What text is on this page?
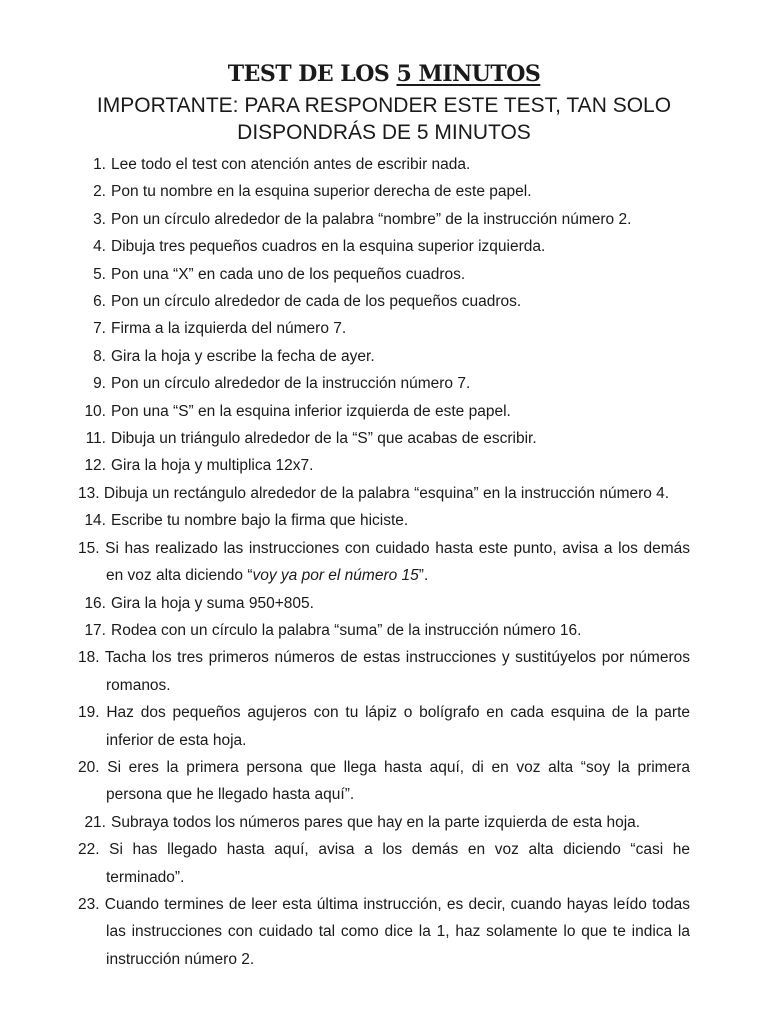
TEST DE LOS 5 MINUTOS
IMPORTANTE: PARA RESPONDER ESTE TEST, TAN SOLO
DISPONDRÁS DE 5 MINUTOS
1. Lee todo el test con atención antes de escribir nada.
2. Pon tu nombre en la esquina superior derecha de este papel.
3. Pon un círculo alrededor de la palabra “nombre” de la instrucción número 2.
4. Dibuja tres pequeños cuadros en la esquina superior izquierda.
5. Pon una “X” en cada uno de los pequeños cuadros.
6. Pon un círculo alrededor de cada de los pequeños cuadros.
7. Firma a la izquierda del número 7.
8. Gira la hoja y escribe la fecha de ayer.
9. Pon un círculo alrededor de la instrucción número 7.
10. Pon una “S” en la esquina inferior izquierda de este papel.
11. Dibuja un triángulo alrededor de la “S” que acabas de escribir.
12. Gira la hoja y multiplica 12x7.
13. Dibuja un rectángulo alrededor de la palabra “esquina” en la instrucción número 4.
14. Escribe tu nombre bajo la firma que hiciste.
15. Si has realizado las instrucciones con cuidado hasta este punto, avisa a los demás en voz alta diciendo “voy ya por el número 15”.
16. Gira la hoja y suma 950+805.
17. Rodea con un círculo la palabra “suma” de la instrucción número 16.
18. Tacha los tres primeros números de estas instrucciones y sustitúyelos por números romanos.
19. Haz dos pequeños agujeros con tu lápiz o bolígrafo en cada esquina de la parte inferior de esta hoja.
20. Si eres la primera persona que llega hasta aquí, di en voz alta “soy la primera persona que he llegado hasta aquí”.
21. Subraya todos los números pares que hay en la parte izquierda de esta hoja.
22. Si has llegado hasta aquí, avisa a los demás en voz alta diciendo “casi he terminado”.
23. Cuando termines de leer esta última instrucción, es decir, cuando hayas leído todas las instrucciones con cuidado tal como dice la 1, haz solamente lo que te indica la instrucción número 2.
